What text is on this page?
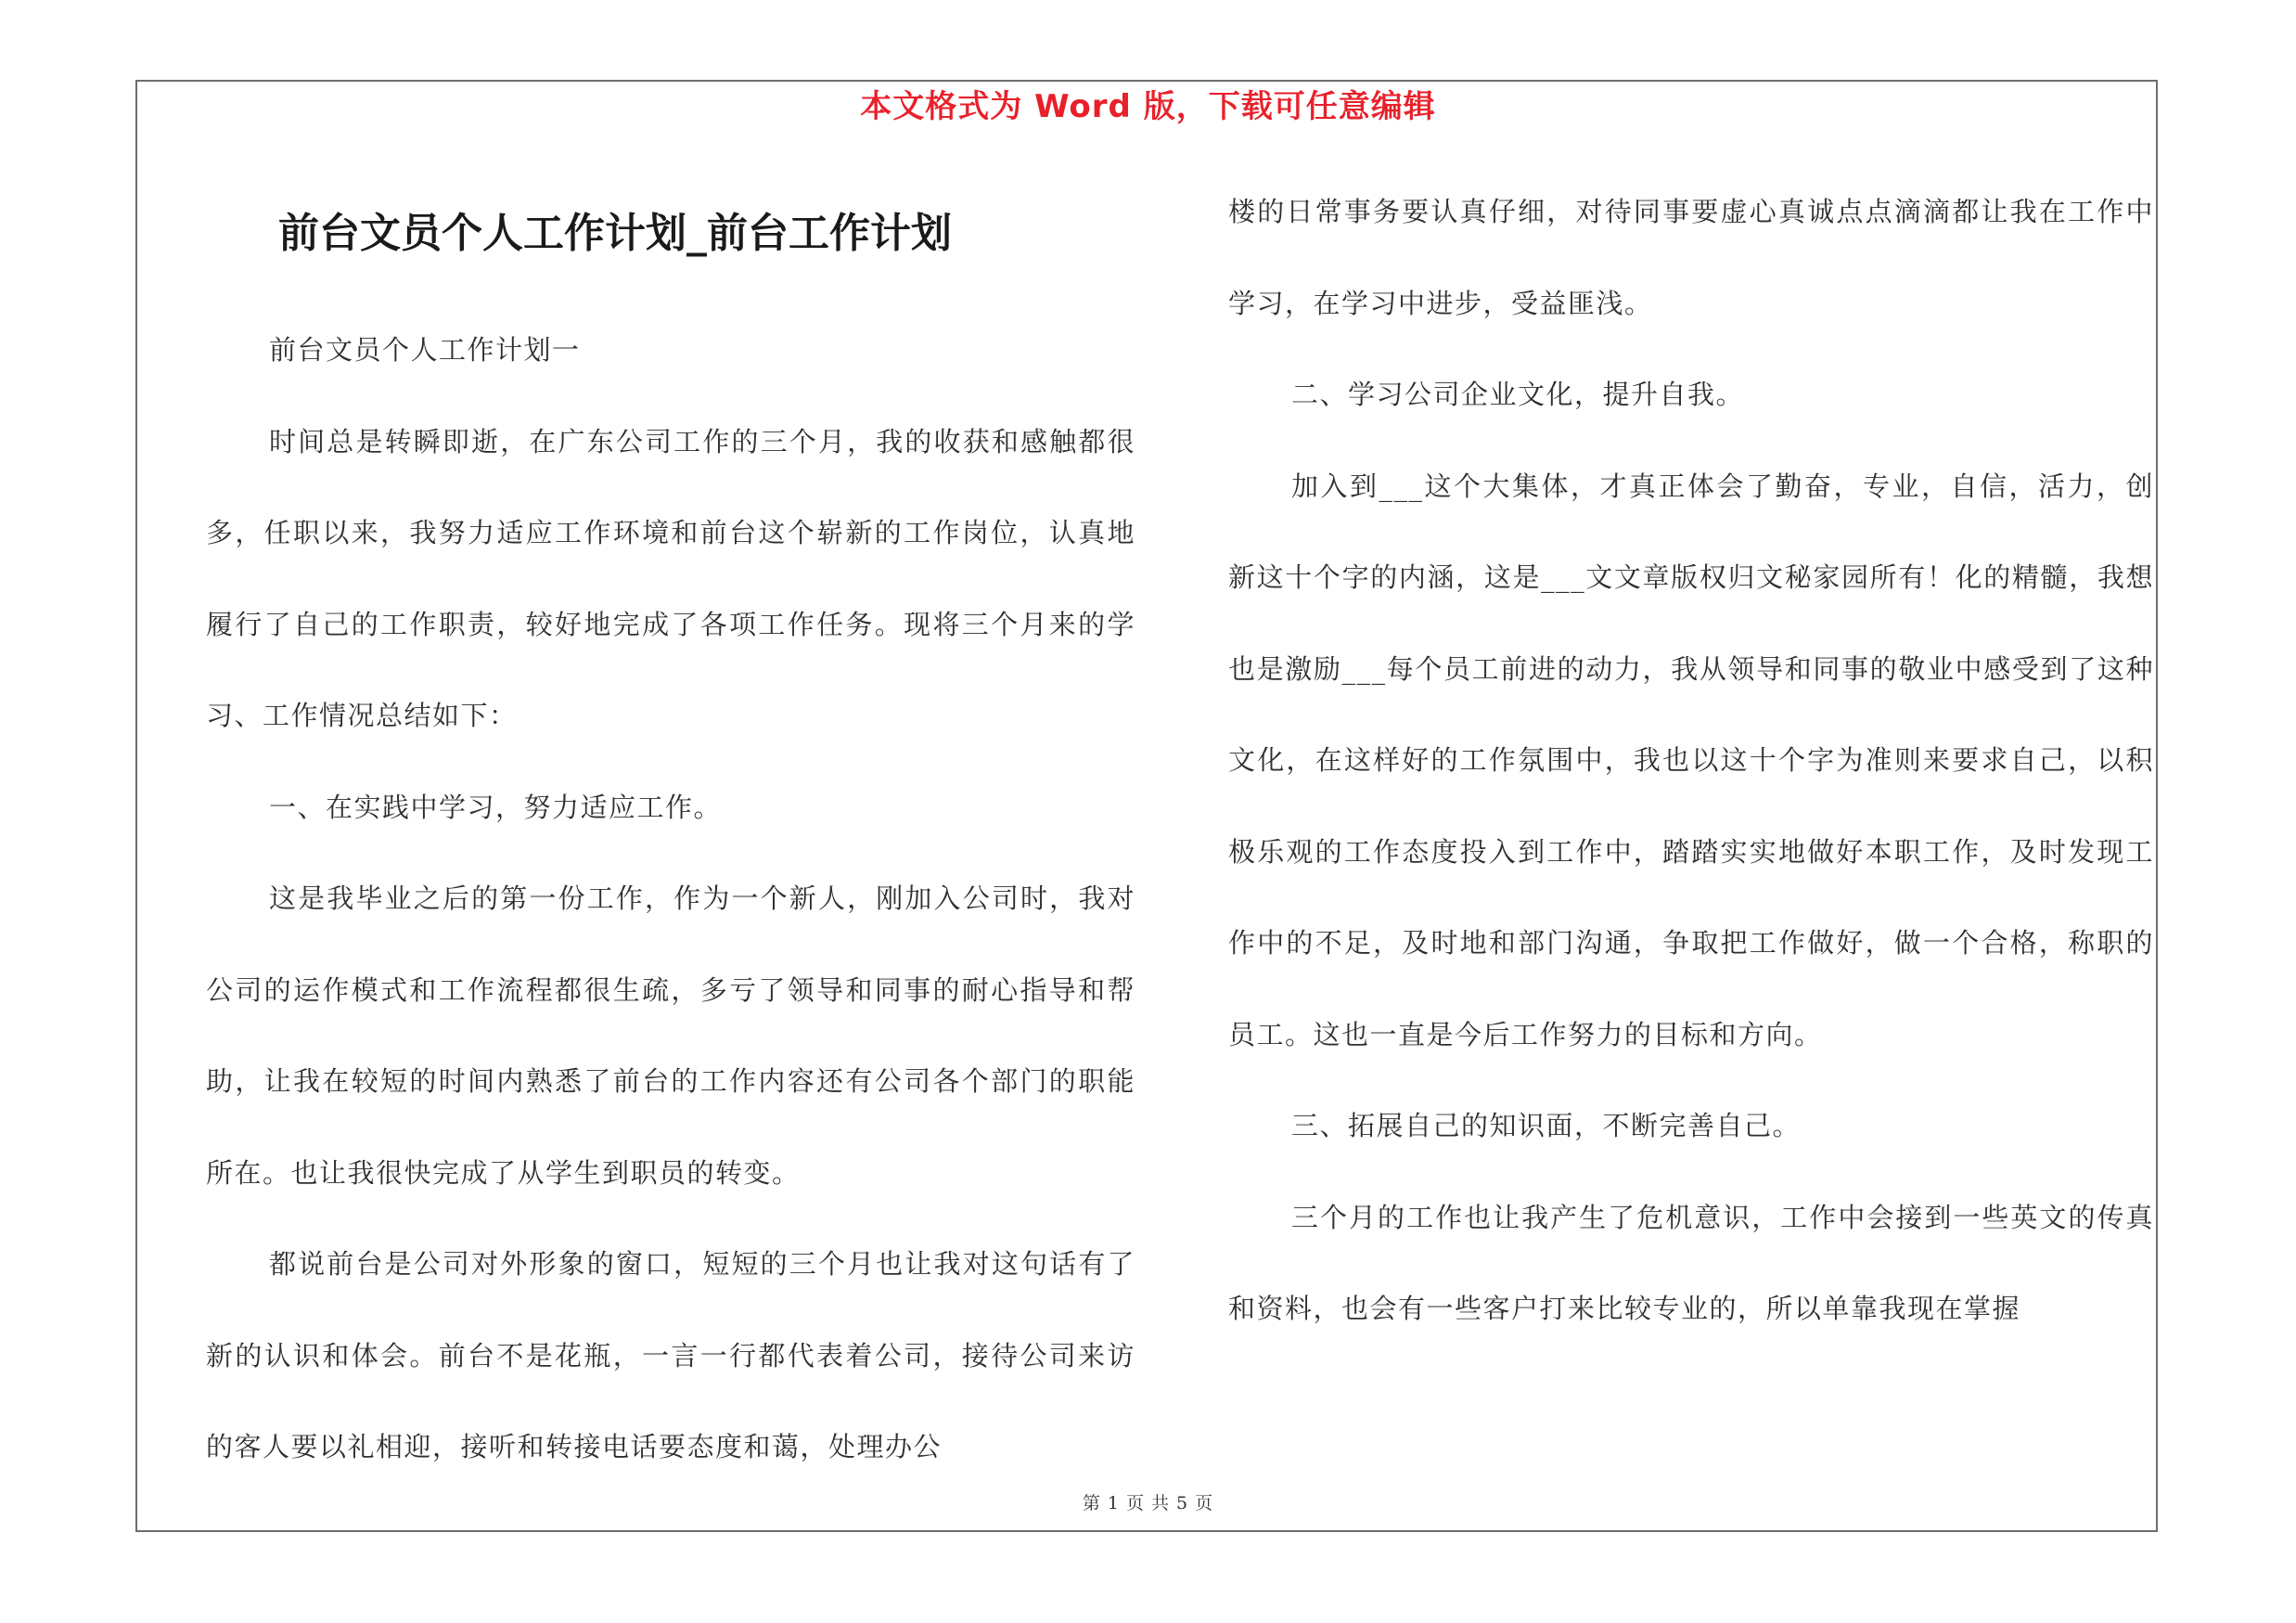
本文格式为 Word 版，下载可任意编辑
前台文员个人工作计划_前台工作计划

前台文员个人工作计划一

时间总是转瞬即逝，在广东公司工作的三个月，我的收获和感触都很多，任职以来，我努力适应工作环境和前台这个崭新的工作岗位，认真地履行了自己的工作职责，较好地完成了各项工作任务。现将三个月来的学习、工作情况总结如下：

一、在实践中学习，努力适应工作。

这是我毕业之后的第一份工作，作为一个新人，刚加入公司时，我对公司的运作模式和工作流程都很生疏，多亏了领导和同事的耐心指导和帮助，让我在较短的时间内熟悉了前台的工作内容还有公司各个部门的职能所在。也让我很快完成了从学生到职员的转变。

都说前台是公司对外形象的窗口，短短的三个月也让我对这句话有了新的认识和体会。前台不是花瓶，一言一行都代表着公司，接待公司来访的客人要以礼相迎，接听和转接电话要态度和蔼，处理办公

楼的日常事务要认真仔细，对待同事要虚心真诚点点滴滴都让我在工作中学习，在学习中进步，受益匪浅。

二、学习公司企业文化，提升自我。

加入到___这个大集体，才真正体会了勤奋，专业，自信，活力，创新这十个字的内涵，这是___文文章版权归文秘家园所有！化的精髓，我想也是激励___每个员工前进的动力，我从领导和同事的敬业中感受到了这种文化，在这样好的工作氛围中，我也以这十个字为准则来要求自己，以积极乐观的工作态度投入到工作中，踏踏实实地做好本职工作，及时发现工作中的不足，及时地和部门沟通，争取把工作做好，做一个合格，称职的员工。这也一直是今后工作努力的目标和方向。

三、拓展自己的知识面，不断完善自己。

三个月的工作也让我产生了危机意识，工作中会接到一些英文的传真和资料，也会有一些客户打来比较专业的，所以单靠我现在掌握

第 1 页 共 5 页
